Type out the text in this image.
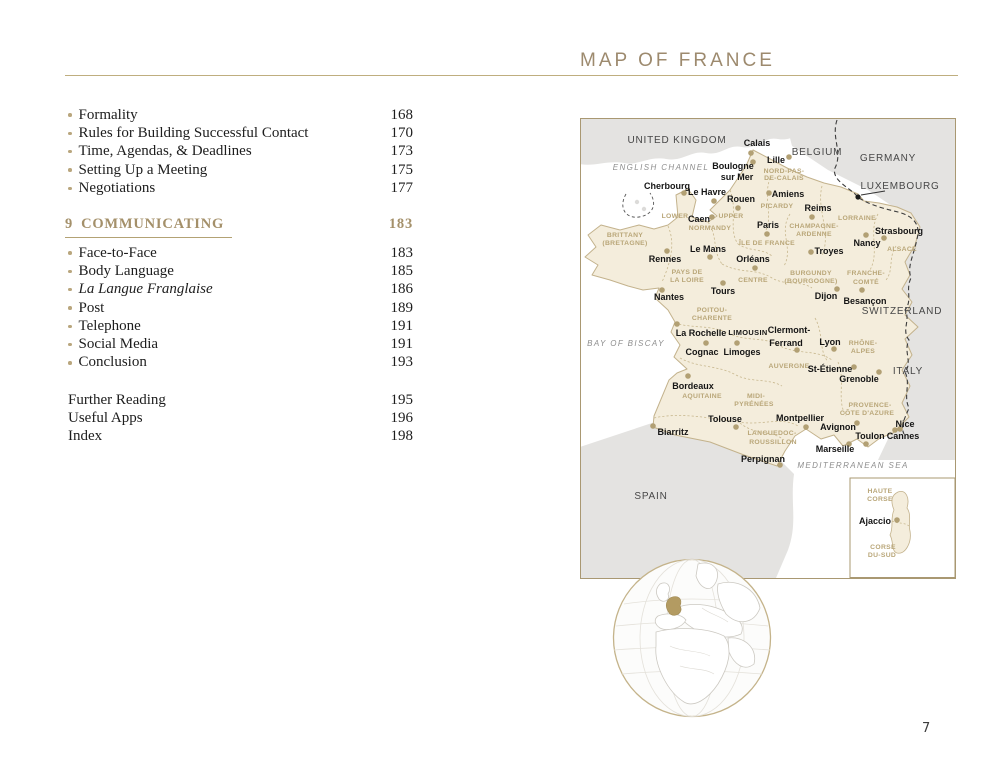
MAP OF FRANCE
Formality	168
Rules for Building Successful Contact	170
Time, Agendas, & Deadlines	173
Setting Up a Meeting	175
Negotiations	177
9 COMMUNICATING	183
Face-to-Face	183
Body Language	185
La Langue Franglaise	186
Post	189
Telephone	191
Social Media	191
Conclusion	193
Further Reading	195
Useful Apps	196
Index	198
UNITED KINGDOM
BELGIUM
GERMANY
LUXEMBOURG
SWITZERLAND
ITALY
SPAIN
ENGLISH CHANNEL
BAY OF BISCAY
MEDITERRANEAN SEA
NORD-PAS-
DE-CALAIS
PICARDY
LOWER	UPPER
NORMANDY
BRITTANY
(BRETAGNE)	ÎLE DE FRANCE
CHAMPAGNE-
ARDENNE
LORRAINE
ALSACE
PAYS DE
LA LOIRE	CENTRE
BURGUNDY
(BOURGOGNE)
FRANCHE-
COMTÉ
POITOU-
CHARENTE
LIMOUSIN
AUVERGNE
RHÔNE-
ALPES
AQUITAINE	MIDI-
PYRÉNÉES	PROVENCE-
CÔTE D'AZURE
LANGUEDOC-
ROUSSILLON
Calais
Lille
Boulogne
sur Mer
Cherbourg
Le Havre
Rouen Amiens
Reims
Caen
Paris
Strasbourg
Nancy
Troyes
Le Mans
Rennes	Orléans
Nantes
Tours	Dijon Besançon
La Rochelle	Clermont-
Ferrand Lyon
Cognac Limoges
St-Étienne
Grenoble
Bordeaux
Montpellier
Avignon	Nice
Toulon Cannes
Marseille
Biarritz
Tolouse
Perpignan
HAUTE
CORSE
Ajaccio
CORSE
DU-SUD
7
